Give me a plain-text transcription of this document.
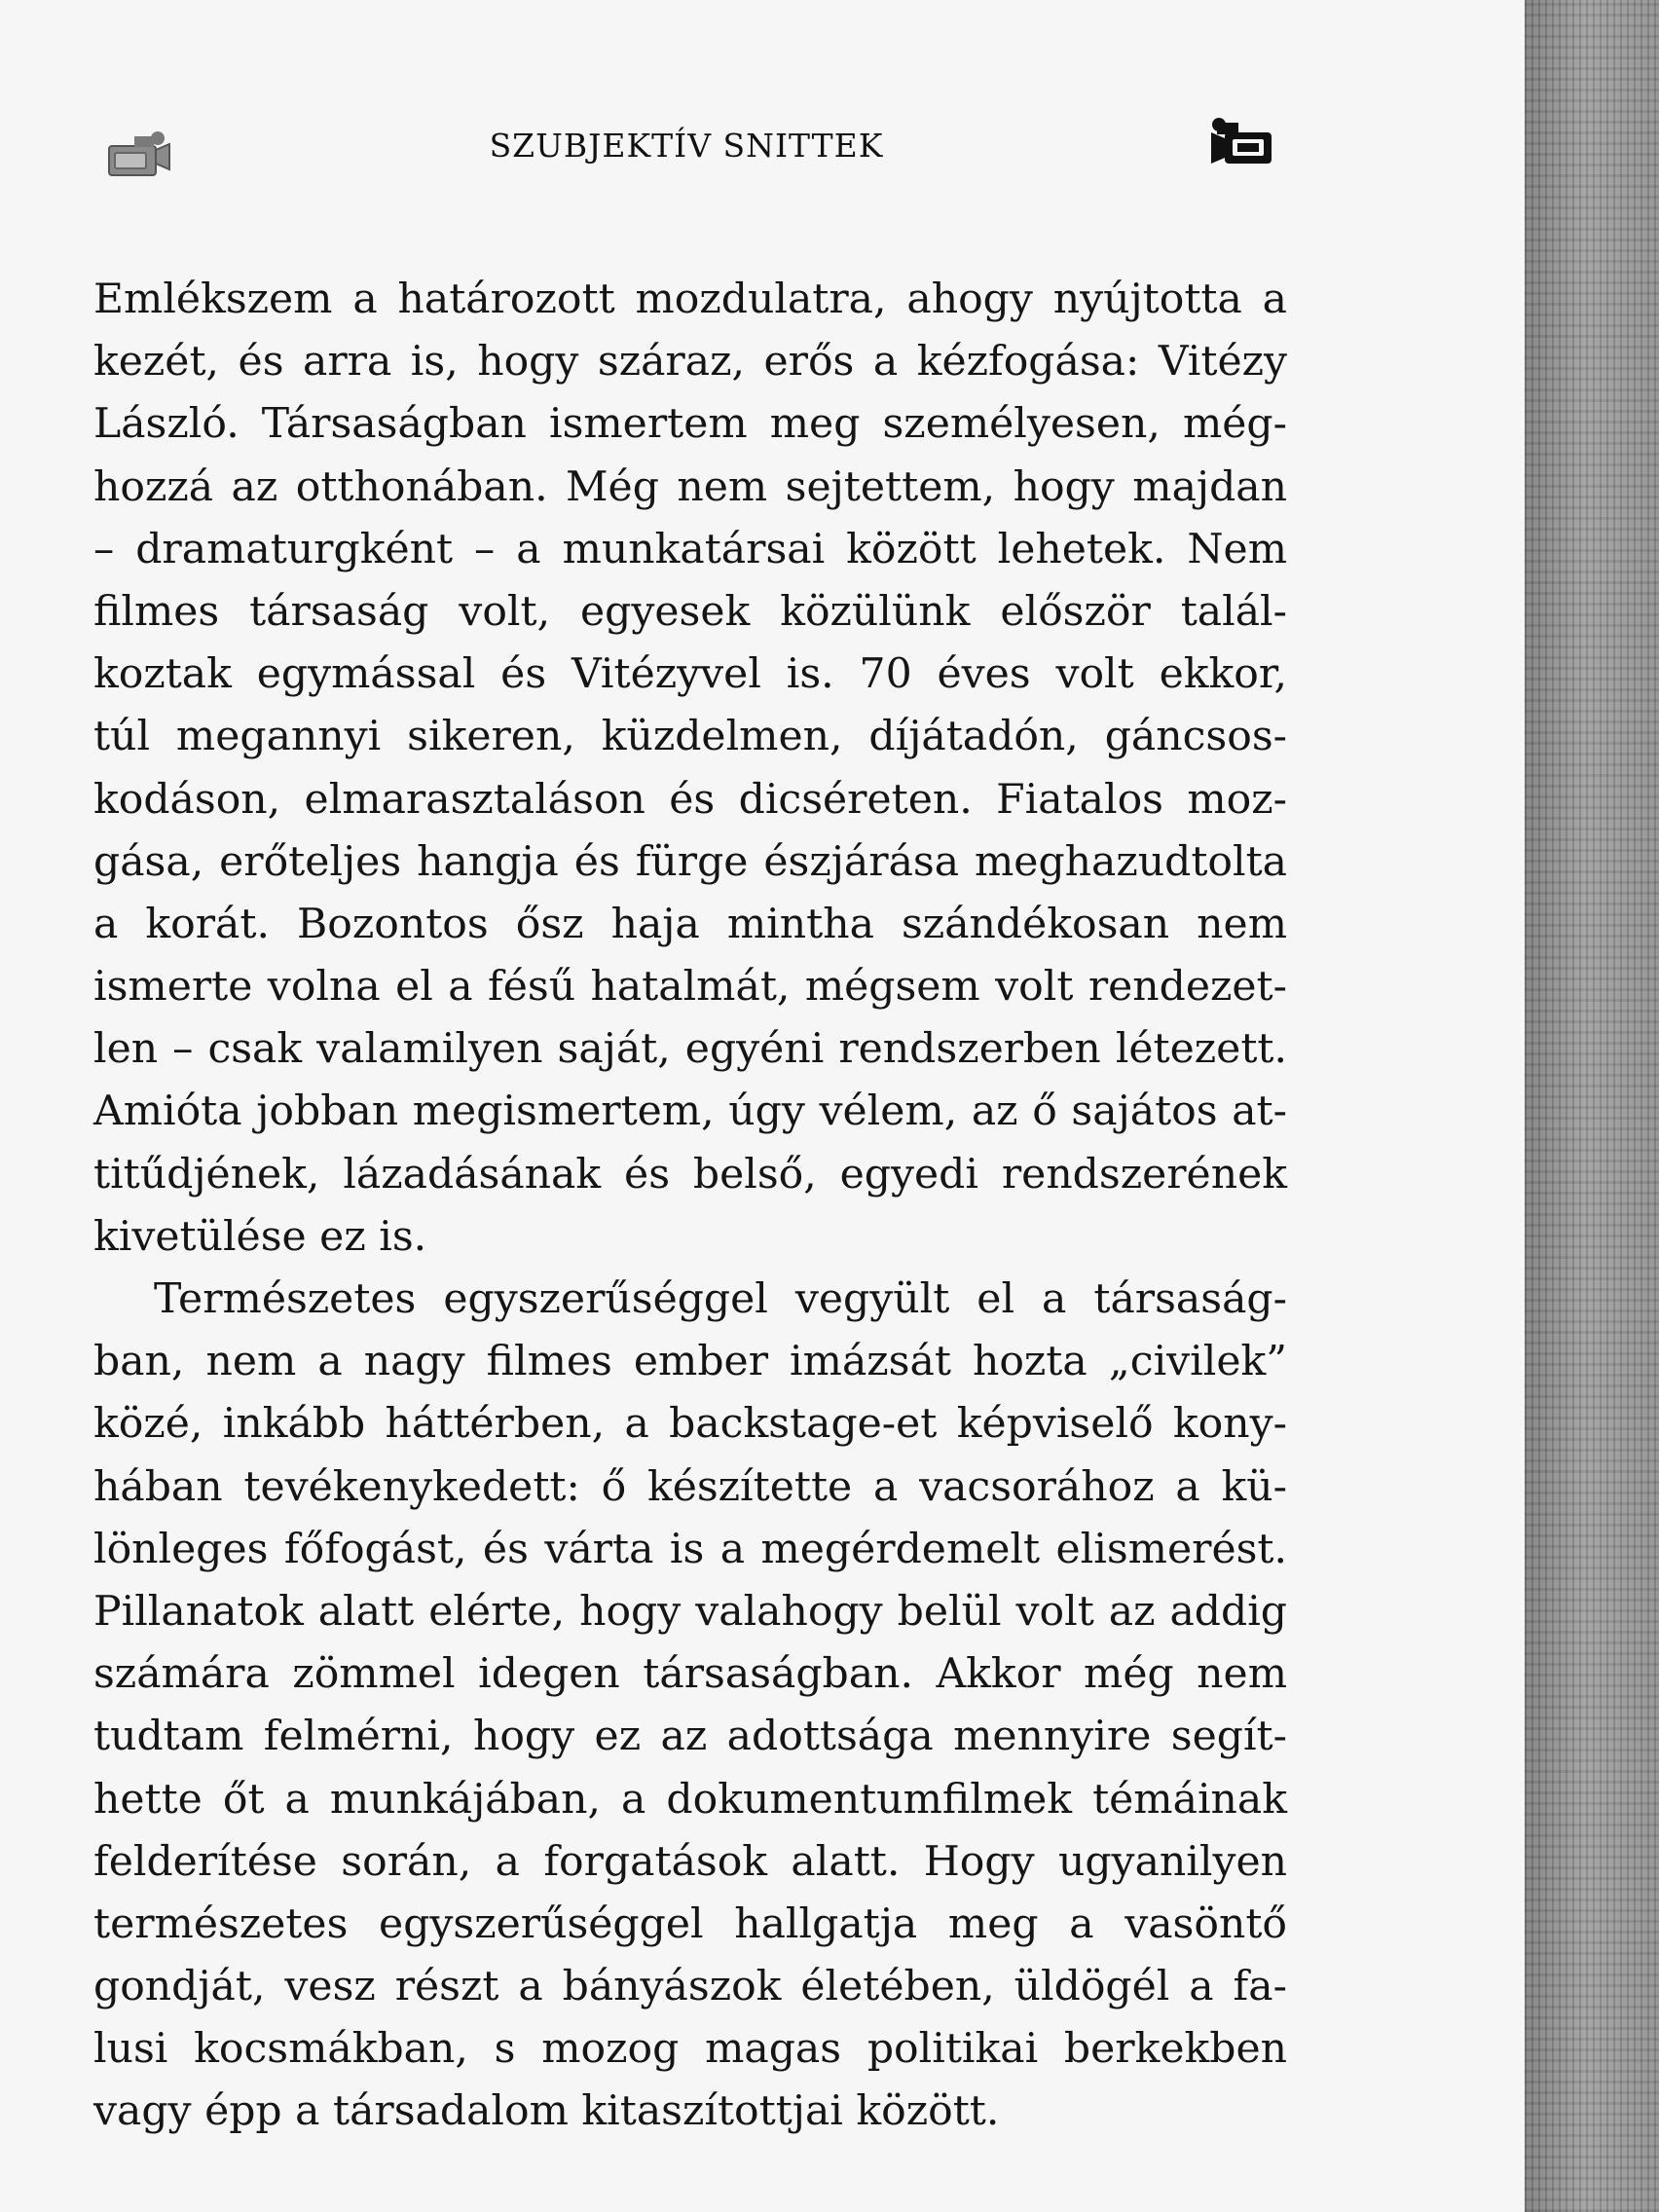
SZUBJEKTÍV SNITTEK
Emlékszem a határozott mozdulatra, ahogy nyújtotta a
kezét, és arra is, hogy száraz, erős a kézfogása: Vitézy
László. Társaságban ismertem meg személyesen, még-
hozzá az otthonában. Még nem sejtettem, hogy majdan
– dramaturgként – a munkatársai között lehetek. Nem
filmes társaság volt, egyesek közülünk először talál-
koztak egymással és Vitézyvel is. 70 éves volt ekkor,
túl megannyi sikeren, küzdelmen, díjátadón, gáncsos-
kodáson, elmarasztaláson és dicséreten. Fiatalos moz-
gása, erőteljes hangja és fürge észjárása meghazudtolta
a korát. Bozontos ősz haja mintha szándékosan nem
ismerte volna el a fésű hatalmát, mégsem volt rendezet-
len – csak valamilyen saját, egyéni rendszerben létezett.
Amióta jobban megismertem, úgy vélem, az ő sajátos at-
titűdjének, lázadásának és belső, egyedi rendszerének
kivetülése ez is.
Természetes egyszerűséggel vegyült el a társaság-
ban, nem a nagy filmes ember imázsát hozta „civilek”
közé, inkább háttérben, a backstage-et képviselő kony-
hában tevékenykedett: ő készítette a vacsorához a kü-
lönleges főfogást, és várta is a megérdemelt elismerést.
Pillanatok alatt elérte, hogy valahogy belül volt az addig
számára zömmel idegen társaságban. Akkor még nem
tudtam felmérni, hogy ez az adottsága mennyire segít-
hette őt a munkájában, a dokumentumfilmek témáinak
felderítése során, a forgatások alatt. Hogy ugyanilyen
természetes egyszerűséggel hallgatja meg a vasöntő
gondját, vesz részt a bányászok életében, üldögél a fa-
lusi kocsmákban, s mozog magas politikai berkekben
vagy épp a társadalom kitaszítottjai között.
